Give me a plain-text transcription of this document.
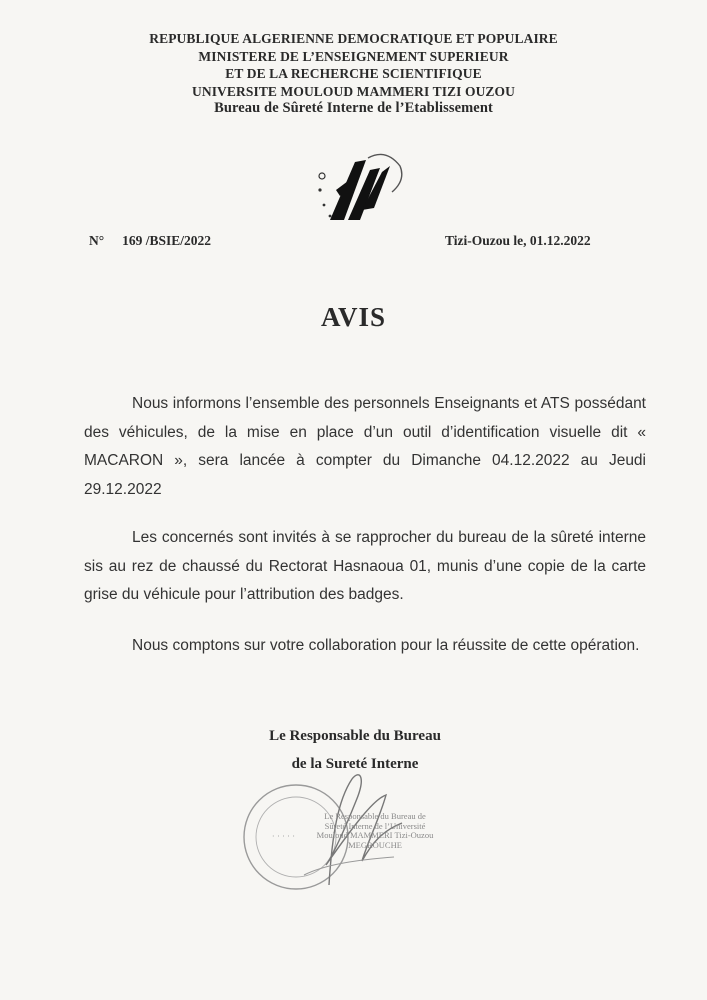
REPUBLIQUE ALGERIENNE DEMOCRATIQUE ET POPULAIRE
MINISTERE DE L’ENSEIGNEMENT SUPERIEUR
ET DE LA RECHERCHE SCIENTIFIQUE
UNIVERSITE MOULOUD MAMMERI TIZI OUZOU
Bureau de Sûreté Interne de l’Etablissement
N° 169 /BSIE/2022	Tizi-Ouzou le, 01.12.2022
AVIS
Nous informons l’ensemble des personnels Enseignants et ATS possédant des véhicules, de la mise en place d’un outil d’identification visuelle dit « MACARON », sera lancée à compter du Dimanche 04.12.2022 au Jeudi 29.12.2022
Les concernés sont invités à se rapprocher du bureau de la sûreté interne sis au rez de chaussé du Rectorat Hasnaoua 01, munis d’une copie de la carte grise du véhicule pour l’attribution des badges.
Nous comptons sur votre collaboration pour la réussite de cette opération.
Le Responsable du Bureau
de la Sureté Interne
· · · · ·
Le Responsable du Bureau de
Sûreté Interne de l’Université
Mouloud MAMMERI Tizi-Ouzou
MEGROUCHE
